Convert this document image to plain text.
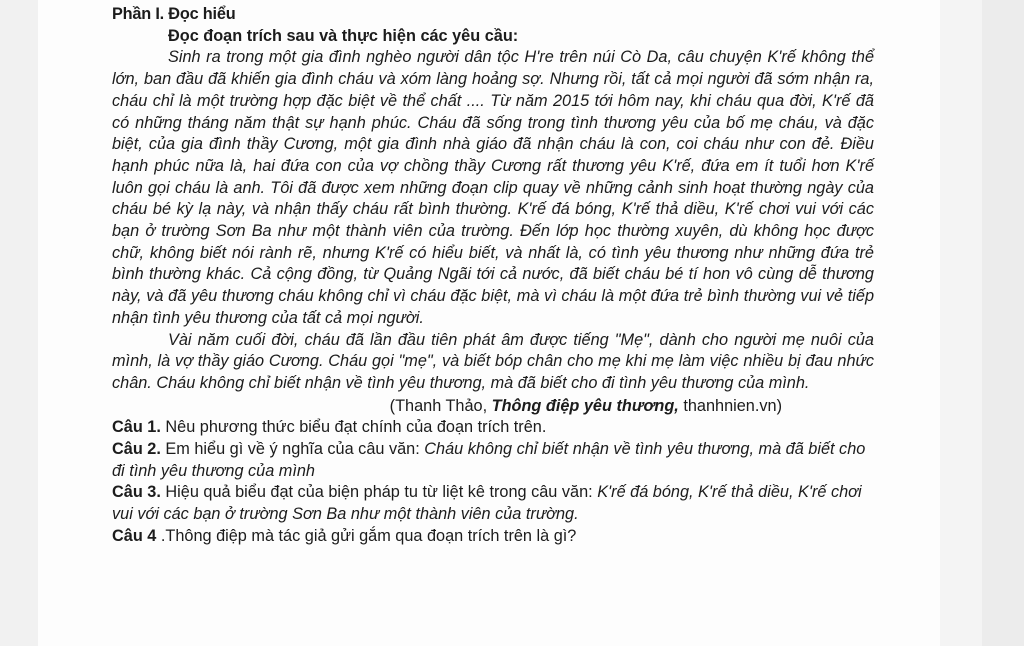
Phần I. Đọc hiểu
Đọc đoạn trích sau và thực hiện các yêu cầu:

Sinh ra trong một gia đình nghèo người dân tộc H're trên núi Cò Da, câu chuyện K'rế không thể lớn, ban đầu đã khiến gia đình cháu và xóm làng hoảng sợ. Nhưng rồi, tất cả mọi người đã sớm nhận ra, cháu chỉ là một trường hợp đặc biệt về thể chất .... Từ năm 2015 tới hôm nay, khi cháu qua đời, K'rế đã có những tháng năm thật sự hạnh phúc. Cháu đã sống trong tình thương yêu của bố mẹ cháu, và đặc biệt, của gia đình thầy Cương, một gia đình nhà giáo đã nhận cháu là con, coi cháu như con đẻ. Điều hạnh phúc nữa là, hai đứa con của vợ chồng thầy Cương rất thương yêu K'rế, đứa em ít tuổi hơn K'rế luôn gọi cháu là anh. Tôi đã được xem những đoạn clip quay về những cảnh sinh hoạt thường ngày của cháu bé kỳ lạ này, và nhận thấy cháu rất bình thường. K'rế đá bóng, K'rế thả diều, K'rế chơi vui với các bạn ở trường Sơn Ba như một thành viên của trường. Đến lớp học thường xuyên, dù không học được chữ, không biết nói rành rẽ, nhưng K'rế có hiểu biết, và nhất là, có tình yêu thương như những đứa trẻ bình thường khác. Cả cộng đồng, từ Quảng Ngãi tới cả nước, đã biết cháu bé tí hon vô cùng dễ thương này, và đã yêu thương cháu không chỉ vì cháu đặc biệt, mà vì cháu là một đứa trẻ bình thường vui vẻ tiếp nhận tình yêu thương của tất cả mọi người.

Vài năm cuối đời, cháu đã lần đầu tiên phát âm được tiếng "Mẹ", dành cho người mẹ nuôi của mình, là vợ thầy giáo Cương. Cháu gọi "mẹ", và biết bóp chân cho mẹ khi mẹ làm việc nhiều bị đau nhức chân. Cháu không chỉ biết nhận về tình yêu thương, mà đã biết cho đi tình yêu thương của mình.

(Thanh Thảo, Thông điệp yêu thương, thanhnien.vn)

Câu 1. Nêu phương thức biểu đạt chính của đoạn trích trên.

Câu 2. Em hiểu gì về ý nghĩa của câu văn: Cháu không chỉ biết nhận về tình yêu thương, mà đã biết cho đi tình yêu thương của mình

Câu 3. Hiệu quả biểu đạt của biện pháp tu từ liệt kê trong câu văn: K'rế đá bóng, K'rế thả diều, K'rế chơi vui với các bạn ở trường Sơn Ba như một thành viên của trường.

Câu 4 .Thông điệp mà tác giả gửi gắm qua đoạn trích trên là gì?
